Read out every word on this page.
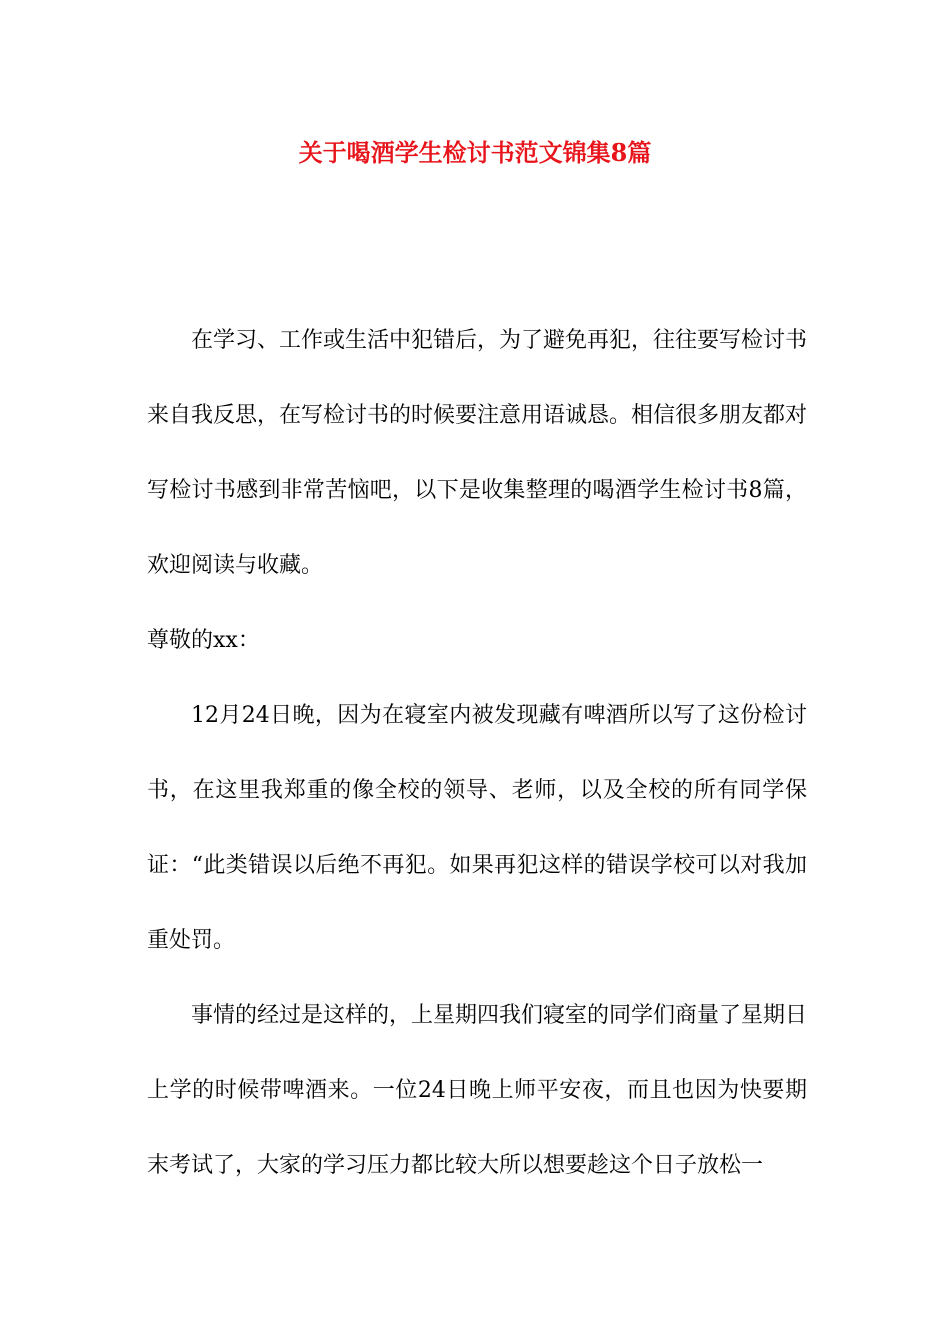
关于喝酒学生检讨书范文锦集8篇

在学习、工作或生活中犯错后，为了避免再犯，往往要写检讨书来自我反思，在写检讨书的时候要注意用语诚恳。相信很多朋友都对写检讨书感到非常苦恼吧，以下是收集整理的喝酒学生检讨书8篇，欢迎阅读与收藏。

尊敬的xx：

12月24日晚，因为在寝室内被发现藏有啤酒所以写了这份检讨书，在这里我郑重的像全校的领导、老师，以及全校的所有同学保证：“此类错误以后绝不再犯。如果再犯这样的错误学校可以对我加重处罚。

事情的经过是这样的，上星期四我们寝室的同学们商量了星期日上学的时候带啤酒来。一位24日晚上师平安夜，而且也因为快要期末考试了，大家的学习压力都比较大所以想要趁这个日子放松一
